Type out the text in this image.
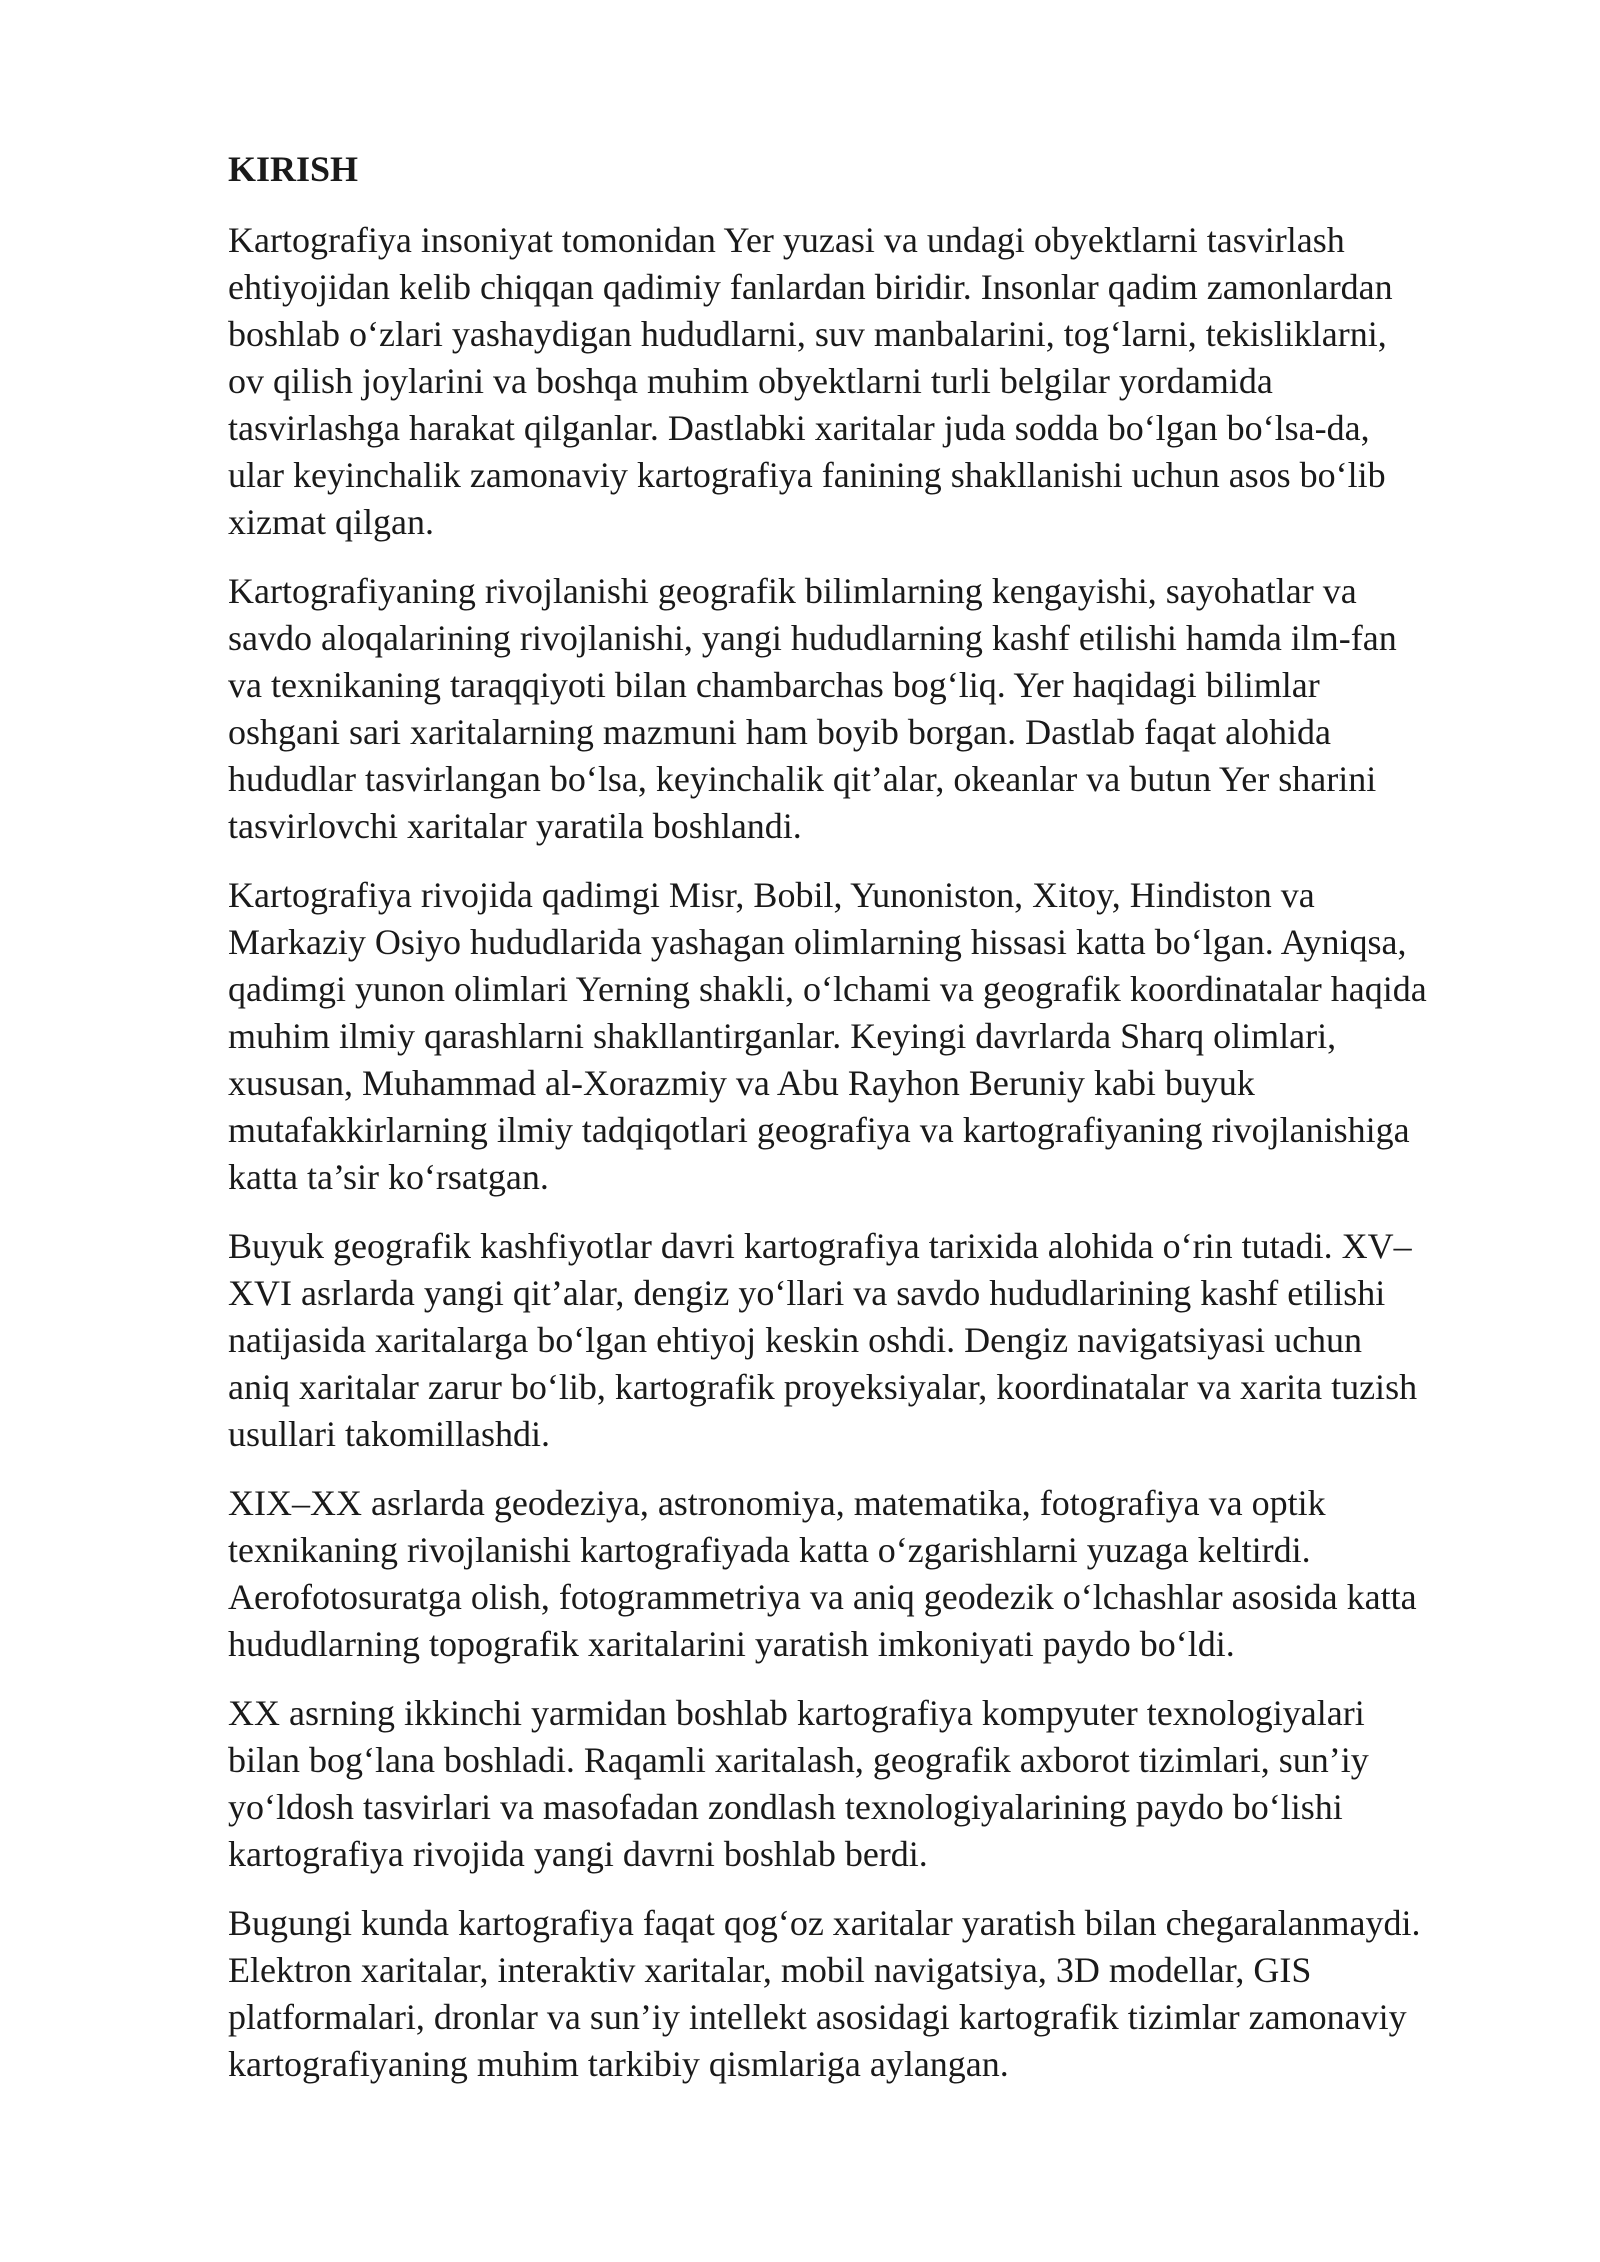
KIRISH

Kartografiya insoniyat tomonidan Yer yuzasi va undagi obyektlarni tasvirlash
ehtiyojidan kelib chiqqan qadimiy fanlardan biridir. Insonlar qadim zamonlardan
boshlab o‘zlari yashaydigan hududlarni, suv manbalarini, tog‘larni, tekisliklarni,
ov qilish joylarini va boshqa muhim obyektlarni turli belgilar yordamida
tasvirlashga harakat qilganlar. Dastlabki xaritalar juda sodda bo‘lgan bo‘lsa-da,
ular keyinchalik zamonaviy kartografiya fanining shakllanishi uchun asos bo‘lib
xizmat qilgan.

Kartografiyaning rivojlanishi geografik bilimlarning kengayishi, sayohatlar va
savdo aloqalarining rivojlanishi, yangi hududlarning kashf etilishi hamda ilm-fan
va texnikaning taraqqiyoti bilan chambarchas bog‘liq. Yer haqidagi bilimlar
oshgani sari xaritalarning mazmuni ham boyib borgan. Dastlab faqat alohida
hududlar tasvirlangan bo‘lsa, keyinchalik qit’alar, okeanlar va butun Yer sharini
tasvirlovchi xaritalar yaratila boshlandi.

Kartografiya rivojida qadimgi Misr, Bobil, Yunoniston, Xitoy, Hindiston va
Markaziy Osiyo hududlarida yashagan olimlarning hissasi katta bo‘lgan. Ayniqsa,
qadimgi yunon olimlari Yerning shakli, o‘lchami va geografik koordinatalar haqida
muhim ilmiy qarashlarni shakllantirganlar. Keyingi davrlarda Sharq olimlari,
xususan, Muhammad al-Xorazmiy va Abu Rayhon Beruniy kabi buyuk
mutafakkirlarning ilmiy tadqiqotlari geografiya va kartografiyaning rivojlanishiga
katta ta’sir ko‘rsatgan.

Buyuk geografik kashfiyotlar davri kartografiya tarixida alohida o‘rin tutadi. XV–
XVI asrlarda yangi qit’alar, dengiz yo‘llari va savdo hududlarining kashf etilishi
natijasida xaritalarga bo‘lgan ehtiyoj keskin oshdi. Dengiz navigatsiyasi uchun
aniq xaritalar zarur bo‘lib, kartografik proyeksiyalar, koordinatalar va xarita tuzish
usullari takomillashdi.

XIX–XX asrlarda geodeziya, astronomiya, matematika, fotografiya va optik
texnikaning rivojlanishi kartografiyada katta o‘zgarishlarni yuzaga keltirdi.
Aerofotosuratga olish, fotogrammetriya va aniq geodezik o‘lchashlar asosida katta
hududlarning topografik xaritalarini yaratish imkoniyati paydo bo‘ldi.

XX asrning ikkinchi yarmidan boshlab kartografiya kompyuter texnologiyalari
bilan bog‘lana boshladi. Raqamli xaritalash, geografik axborot tizimlari, sun’iy
yo‘ldosh tasvirlari va masofadan zondlash texnologiyalarining paydo bo‘lishi
kartografiya rivojida yangi davrni boshlab berdi.

Bugungi kunda kartografiya faqat qog‘oz xaritalar yaratish bilan chegaralanmaydi.
Elektron xaritalar, interaktiv xaritalar, mobil navigatsiya, 3D modellar, GIS
platformalari, dronlar va sun’iy intellekt asosidagi kartografik tizimlar zamonaviy
kartografiyaning muhim tarkibiy qismlariga aylangan.
